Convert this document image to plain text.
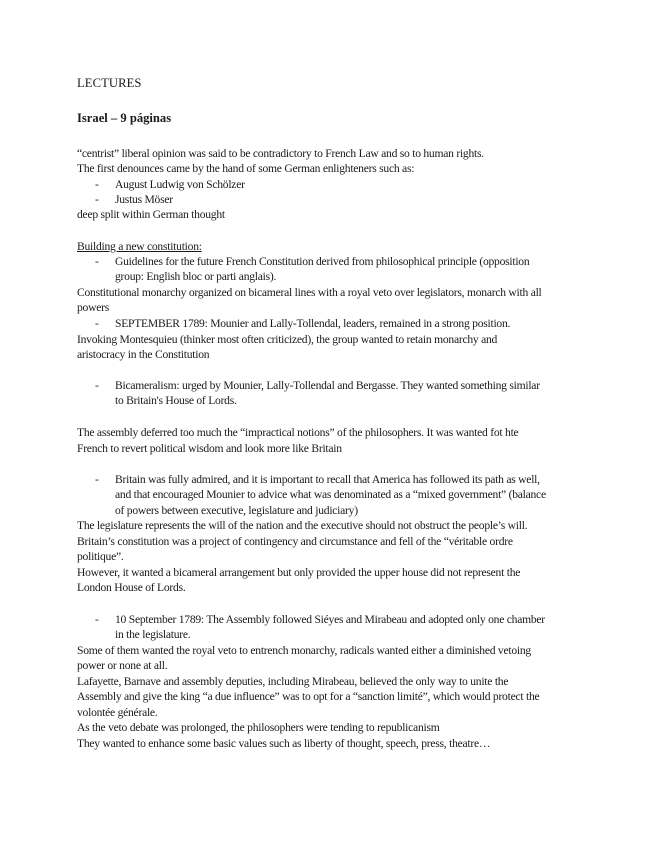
LECTURES
Israel – 9 páginas
“centrist” liberal opinion was said to be contradictory to French Law and so to human rights.
The first denounces came by the hand of some German enlighteners such as:
-	August Ludwig von Schölzer
-	Justus Möser
deep split within German thought
Building a new constitution:
-	Guidelines for the future French Constitution derived from philosophical principle (opposition
group: English bloc or parti anglais).
Constitutional monarchy organized on bicameral lines with a royal veto over legislators, monarch with all
powers
-	SEPTEMBER 1789: Mounier and Lally-Tollendal, leaders, remained in a strong position.
Invoking Montesquieu (thinker most often criticized), the group wanted to retain monarchy and
aristocracy in the Constitution
-	Bicameralism: urged by Mounier, Lally-Tollendal and Bergasse. They wanted something similar
to Britain's House of Lords.
The assembly deferred too much the “impractical notions” of the philosophers. It was wanted fot hte
French to revert political wisdom and look more like Britain
-	Britain was fully admired, and it is important to recall that America has followed its path as well,
and that encouraged Mounier to advice what was denominated as a “mixed government” (balance
of powers between executive, legislature and judiciary)
The legislature represents the will of the nation and the executive should not obstruct the people’s will.
Britain’s constitution was a project of contingency and circumstance and fell of the “véritable ordre
politique”.
However, it wanted a bicameral arrangement but only provided the upper house did not represent the
London House of Lords.
-	10 September 1789: The Assembly followed Siéyes and Mirabeau and adopted only one chamber
in the legislature.
Some of them wanted the royal veto to entrench monarchy, radicals wanted either a diminished vetoing
power or none at all.
Lafayette, Barnave and assembly deputies, including Mirabeau, believed the only way to unite the
Assembly and give the king “a due influence” was to opt for a “sanction limité”, which would protect the
volontée générale.
As the veto debate was prolonged, the philosophers were tending to republicanism
They wanted to enhance some basic values such as liberty of thought, speech, press, theatre…
